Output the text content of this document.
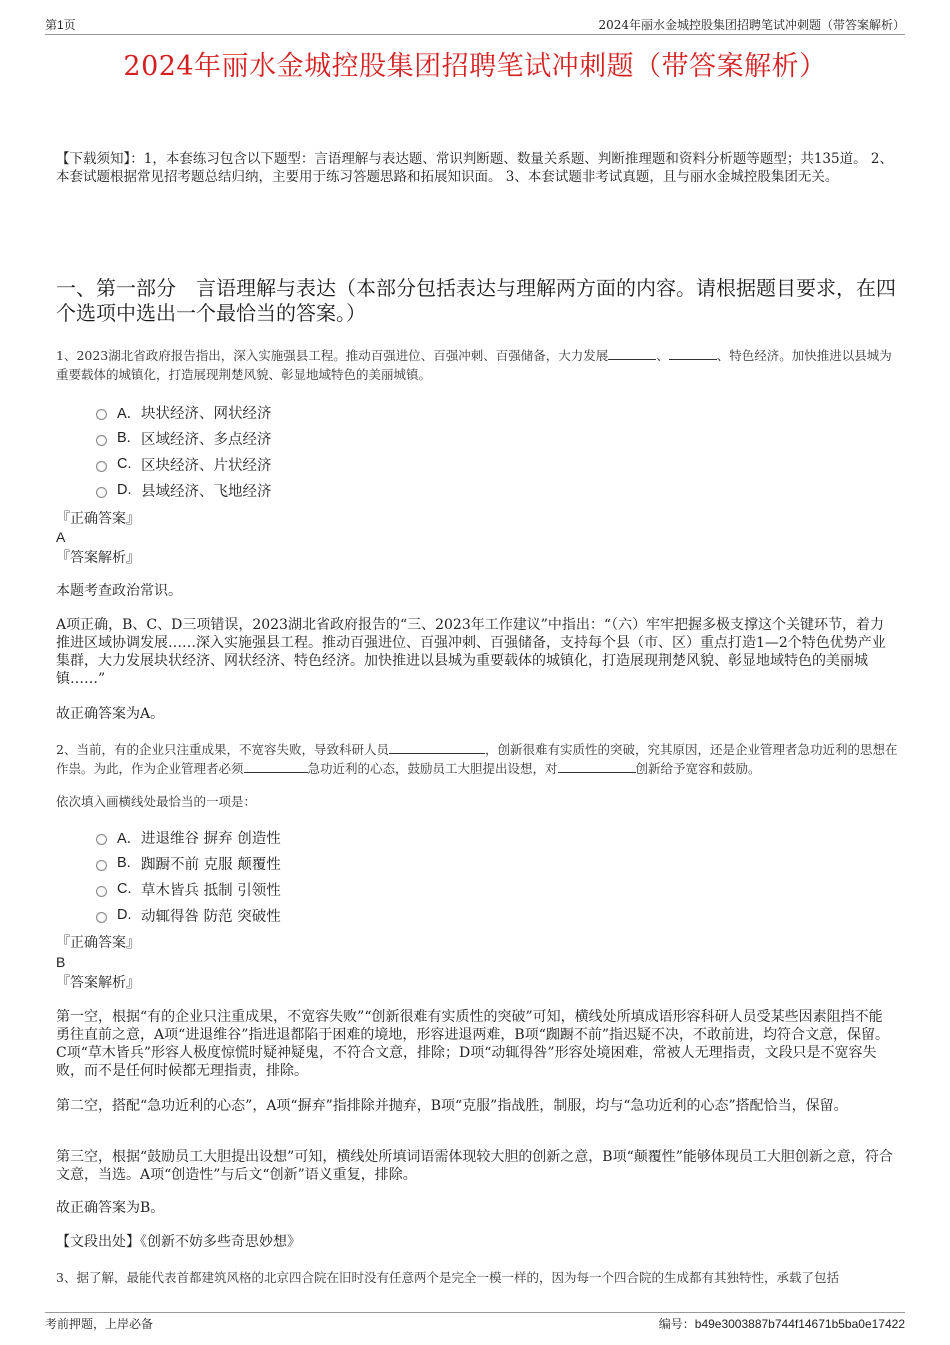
第1页	2024年丽水金城控股集团招聘笔试冲刺题（带答案解析）
2024年丽水金城控股集团招聘笔试冲刺题（带答案解析）
【下载须知】：1，本套练习包含以下题型：言语理解与表达题、常识判断题、数量关系题、判断推理题和资料分析题等题型；共135道。 2、本套试题根据常见招考题总结归纳，主要用于练习答题思路和拓展知识面。 3、本套试题非考试真题，且与丽水金城控股集团无关。
一、第一部分　言语理解与表达（本部分包括表达与理解两方面的内容。请根据题目要求，在四个选项中选出一个最恰当的答案。）
1、2023湖北省政府报告指出，深入实施强县工程。推动百强进位、百强冲刺、百强储备，大力发展	、	、特色经济。加快推进以县城为重要载体的城镇化，打造展现荆楚风貌、彰显地域特色的美丽城镇。
A． 块状经济、网状经济
B. 区域经济、多点经济
C. 区块经济、片状经济
D. 县域经济、飞地经济
『正确答案』
A
『答案解析』
本题考查政治常识。
A项正确，B、C、D三项错误，2023湖北省政府报告的“三、2023年工作建议”中指出：“（六）牢牢把握多极支撑这个关键环节，着力推进区域协调发展……深入实施强县工程。推动百强进位、百强冲刺、百强储备，支持每个县（市、区）重点打造1—2个特色优势产业集群，大力发展块状经济、网状经济、特色经济。加快推进以县城为重要载体的城镇化，打造展现荆楚风貌、彰显地域特色的美丽城镇……”
故正确答案为A。
2、当前，有的企业只注重成果，不宽容失败，导致科研人员	，创新很难有实质性的突破，究其原因，还是企业管理者急功近利的思想在作祟。为此，作为企业管理者必须	急功近利的心态，鼓励员工大胆提出设想，对	创新给予宽容和鼓励。
依次填入画横线处最恰当的一项是：
A． 进退维谷 摒弃 创造性
B. 踟蹰不前 克服 颠覆性
C. 草木皆兵 抵制 引领性
D. 动辄得咎 防范 突破性
『正确答案』
B
『答案解析』
第一空，根据“有的企业只注重成果，不宽容失败”“创新很难有实质性的突破”可知，横线处所填成语形容科研人员受某些因素阻挡不能勇往直前之意，A项“进退维谷”指进退都陷于困难的境地，形容进退两难，B项“踟蹰不前”指迟疑不决，不敢前进，均符合文意，保留。C项“草木皆兵”形容人极度惊慌时疑神疑鬼，不符合文意，排除；D项“动辄得咎”形容处境困难，常被人无理指责，文段只是不宽容失败，而不是任何时候都无理指责，排除。
第二空，搭配“急功近利的心态”，A项“摒弃”指排除并抛弃，B项“克服”指战胜，制服，均与“急功近利的心态”搭配恰当，保留。
第三空，根据“鼓励员工大胆提出设想”可知，横线处所填词语需体现较大胆的创新之意，B项“颠覆性”能够体现员工大胆创新之意，符合文意，当选。A项“创造性”与后文“创新”语义重复，排除。
故正确答案为B。
【文段出处】《创新不妨多些奇思妙想》
3、据了解，最能代表首都建筑风格的北京四合院在旧时没有任意两个是完全一模一样的，因为每一个四合院的生成都有其独特性，承载了包括
考前押题，上岸必备	编号：b49e3003887b744f14671b5ba0e17422
